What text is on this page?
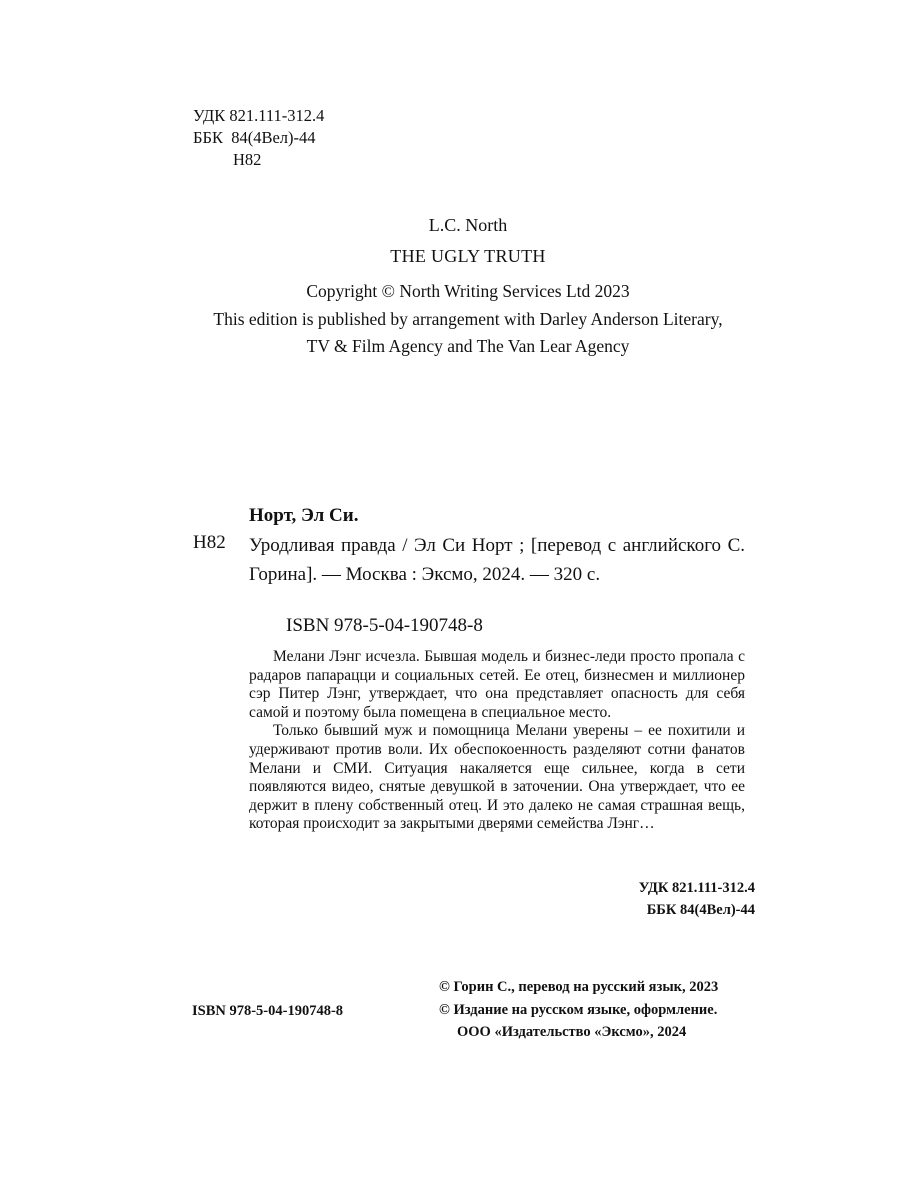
УДК 821.111-312.4
ББК  84(4Вел)-44
Н82
L.C. North
THE UGLY TRUTH
Copyright © North Writing Services Ltd 2023
This edition is published by arrangement with Darley Anderson Literary,
TV & Film Agency and The Van Lear Agency
Норт, Эл Си.
Н82 Уродливая правда / Эл Си Норт ; [перевод с английского С. Горина]. — Москва : Эксмо, 2024. — 320 с.
ISBN 978-5-04-190748-8

Мелани Лэнг исчезла. Бывшая модель и бизнес-леди просто пропала с радаров папарацци и социальных сетей. Ее отец, бизнесмен и миллионер сэр Питер Лэнг, утверждает, что она представляет опасность для себя самой и поэтому была помещена в специальное место.

Только бывший муж и помощница Мелани уверены – ее похитили и удерживают против воли. Их обеспокоенность разделяют сотни фанатов Мелани и СМИ. Ситуация накаляется еще сильнее, когда в сети появляются видео, снятые девушкой в заточении. Она утверждает, что ее держит в плену собственный отец. И это далеко не самая страшная вещь, которая происходит за закрытыми дверями семейства Лэнг…

УДК 821.111-312.4
ББК 84(4Вел)-44
ISBN 978-5-04-190748-8
© Горин С., перевод на русский язык, 2023
© Издание на русском языке, оформление.
ООО «Издательство «Эксмо», 2024
